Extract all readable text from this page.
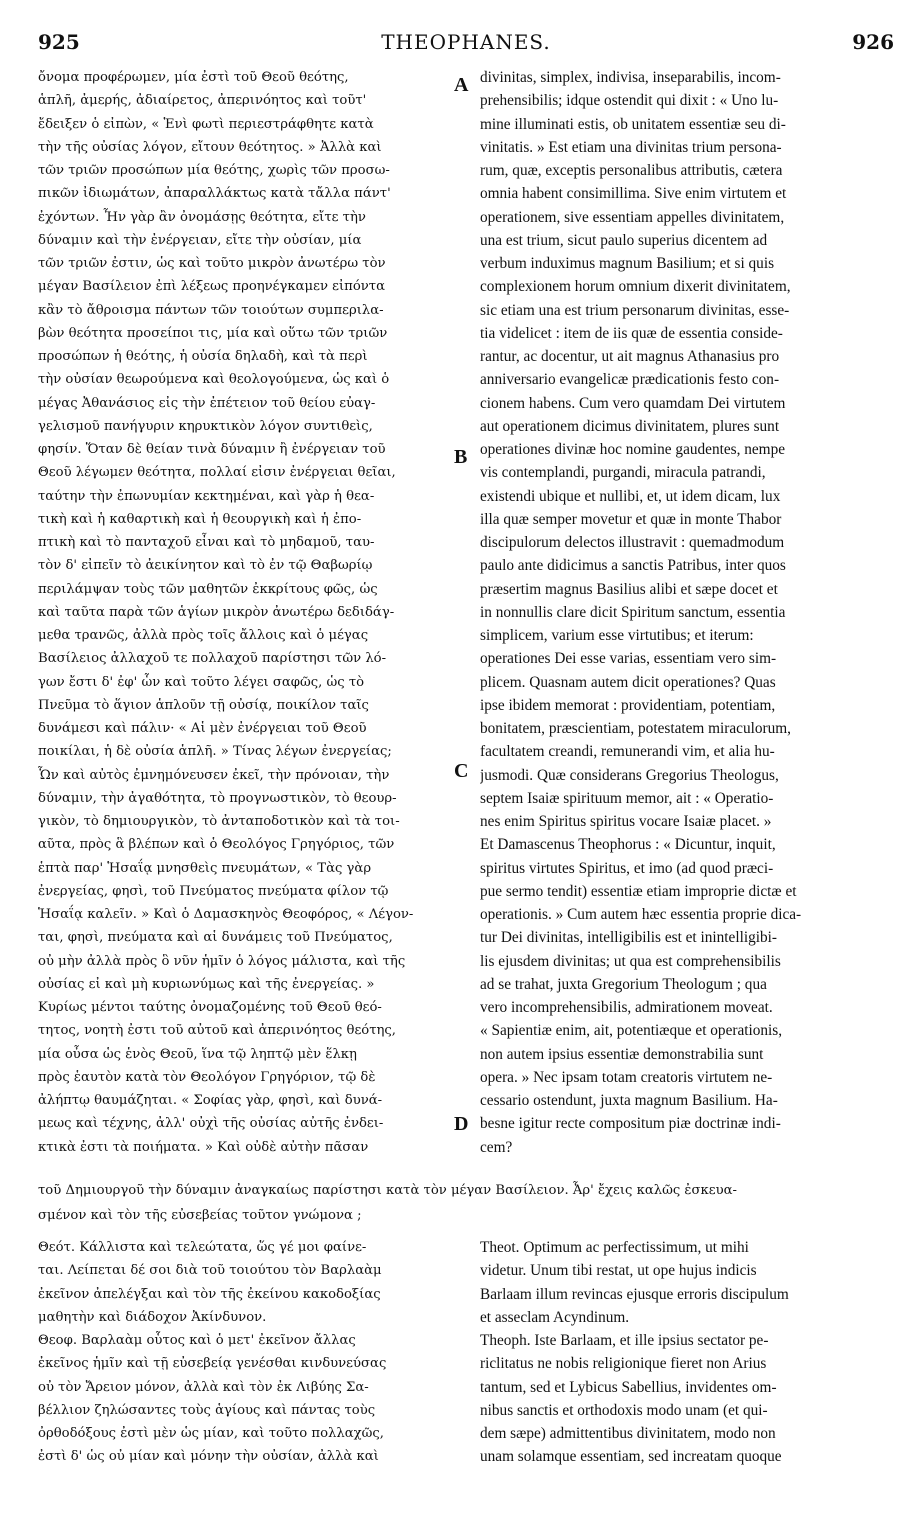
925	THEOPHANES.	926
ὄνομα προφέρωμεν, μία ἐστὶ τοῦ Θεοῦ θεότης,
ἁπλῆ, ἀμερής, ἀδιαίρετος, ἀπερινόητος καὶ τοῦτ'
ἔδειξεν ὁ εἰπὼν, « Ἑνὶ φωτὶ περιεστράφθητε κατὰ
τὴν τῆς οὐσίας λόγον, εἴτουν θεότητος. » Ἀλλὰ καὶ
τῶν τριῶν προσώπων μία θεότης, χωρὶς τῶν προσω-
πικῶν ἰδιωμάτων, ἀπαραλλάκτως κατὰ τἄλλα πάντ'
ἐχόντων. Ἦν γὰρ ἂν ὀνομάσῃς θεότητα, εἴτε τὴν
δύναμιν καὶ τὴν ἐνέργειαν, εἴτε τὴν οὐσίαν, μία
τῶν τριῶν ἐστιν, ὡς καὶ τοῦτο μικρὸν ἀνωτέρω τὸν
μέγαν Βασίλειον ἐπὶ λέξεως προηνέγκαμεν εἰπόντα
κἂν τὸ ἄθροισμα πάντων τῶν τοιούτων συμπεριλα-
βὼν θεότητα προσείποι τις, μία καὶ οὕτω τῶν τριῶν
προσώπων ἡ θεότης, ἡ οὐσία δηλαδὴ, καὶ τὰ περὶ
τὴν οὐσίαν θεωρούμενα καὶ θεολογούμενα, ὡς καὶ ὁ
μέγας Ἀθανάσιος εἰς τὴν ἐπέτειον τοῦ θείου εὐαγ-
γελισμοῦ πανήγυριν κηρυκτικὸν λόγον συντιθεὶς,
φησίν. Ὅταν δὲ θείαν τινὰ δύναμιν ἢ ἐνέργειαν τοῦ
Θεοῦ λέγωμεν θεότητα, πολλαί εἰσιν ἐνέργειαι θεῖαι,
ταύτην τὴν ἐπωνυμίαν κεκτημέναι, καὶ γὰρ ἡ θεα-
τικὴ καὶ ἡ καθαρτικὴ καὶ ἡ θεουργικὴ καὶ ἡ ἐπο-
πτικὴ καὶ τὸ πανταχοῦ εἶναι καὶ τὸ μηδαμοῦ, ταυ-
τὸν δ' εἰπεῖν τὸ ἀεικίνητον καὶ τὸ ἐν τῷ Θαβωρίῳ
περιλάμψαν τοὺς τῶν μαθητῶν ἐκκρίτους φῶς, ὡς
καὶ ταῦτα παρὰ τῶν ἁγίων μικρὸν ἀνωτέρω δεδιδάγ-
μεθα τρανῶς, ἀλλὰ πρὸς τοῖς ἄλλοις καὶ ὁ μέγας
Βασίλειος ἀλλαχοῦ τε πολλαχοῦ παρίστησι τῶν λό-
γων ἔστι δ' ἐφ' ὧν καὶ τοῦτο λέγει σαφῶς, ὡς τὸ
Πνεῦμα τὸ ἅγιον ἁπλοῦν τῇ οὐσίᾳ, ποικίλον ταῖς
δυνάμεσι καὶ πάλιν· « Αἱ μὲν ἐνέργειαι τοῦ Θεοῦ
ποικίλαι, ἡ δὲ οὐσία ἁπλῆ. » Τίνας λέγων ἐνεργείας;
Ὧν καὶ αὐτὸς ἐμνημόνευσεν ἐκεῖ, τὴν πρόνοιαν, τὴν
δύναμιν, τὴν ἀγαθότητα, τὸ προγνωστικὸν, τὸ θεουρ-
γικὸν, τὸ δημιουργικὸν, τὸ ἀνταποδοτικὸν καὶ τὰ τοι-
αῦτα, πρὸς ἃ βλέπων καὶ ὁ Θεολόγος Γρηγόριος, τῶν
ἑπτὰ παρ' Ἡσαΐᾳ μνησθεὶς πνευμάτων, « Τὰς γὰρ
ἐνεργείας, φησὶ, τοῦ Πνεύματος πνεύματα φίλον τῷ
Ἡσαΐᾳ καλεῖν. » Καὶ ὁ Δαμασκηνὸς Θεοφόρος, « Λέγον-
ται, φησὶ, πνεύματα καὶ αἱ δυνάμεις τοῦ Πνεύματος,
οὐ μὴν ἀλλὰ πρὸς ὃ νῦν ἡμῖν ὁ λόγος μάλιστα, καὶ τῆς
οὐσίας εἰ καὶ μὴ κυριωνύμως καὶ τῆς ἐνεργείας. »
Κυρίως μέντοι ταύτης ὀνομαζομένης τοῦ Θεοῦ θεό-
τητος, νοητὴ ἐστι τοῦ αὐτοῦ καὶ ἀπερινόητος θεότης,
μία οὖσα ὡς ἑνὸς Θεοῦ, ἵνα τῷ ληπτῷ μὲν ἕλκῃ
πρὸς ἑαυτὸν κατὰ τὸν Θεολόγον Γρηγόριον, τῷ δὲ
ἀλήπτῳ θαυμάζηται. « Σοφίας γὰρ, φησὶ, καὶ δυνά-
μεως καὶ τέχνης, ἀλλ' οὐχὶ τῆς οὐσίας αὐτῆς ἐνδει-
κτικὰ ἐστι τὰ ποιήματα. » Καὶ οὐδὲ αὐτὴν πᾶσαν
divinitas, simplex, indivisa, inseparabilis, incom-
prehensibilis; idque ostendit qui dixit : « Uno lu-
mine illuminati estis, ob unitatem essentiæ seu di-
vinitatis. » Est etiam una divinitas trium persona-
rum, quæ, exceptis personalibus attributis, cætera
omnia habent consimillima. Sive enim virtutem et
operationem, sive essentiam appelles divinitatem,
una est trium, sicut paulo superius dicentem ad
verbum induximus magnum Basilium; et si quis
complexionem horum omnium dixerit divinitatem,
sic etiam una est trium personarum divinitas, esse-
tia videlicet : item de iis quæ de essentia conside-
rantur, ac docentur, ut ait magnus Athanasius pro
anniversario evangelicæ prædicationis festo con-
cionem habens. Cum vero quamdam Dei virtutem
aut operationem dicimus divinitatem, plures sunt
operationes divinæ hoc nomine gaudentes, nempe
vis contemplandi, purgandi, miracula patrandi,
existendi ubique et nullibi, et, ut idem dicam, lux
illa quæ semper movetur et quæ in monte Thabor
discipulorum delectos illustravit : quemadmodum
paulo ante didicimus a sanctis Patribus, inter quos
præsertim magnus Basilius alibi et sæpe docet et
in nonnullis clare dicit Spiritum sanctum, essentia
simplicem, varium esse virtutibus; et iterum:
operationes Dei esse varias, essentiam vero sim-
plicem. Quasnam autem dicit operationes? Quas
ipse ibidem memorat : providentiam, potentiam,
bonitatem, præscientiam, potestatem miraculorum,
facultatem creandi, remunerandi vim, et alia hu-
jusmodi. Quæ considerans Gregorius Theologus,
septem Isaiæ spirituum memor, ait : « Operatio-
nes enim Spiritus spiritus vocare Isaiæ placet. »
Et Damascenus Theophorus : « Dicuntur, inquit,
spiritus virtutes Spiritus, et imo (ad quod præci-
pue sermo tendit) essentiæ etiam improprie dictæ et
operationis. » Cum autem hæc essentia proprie dica-
tur Dei divinitas, intelligibilis est et inintelligibi-
lis ejusdem divinitas; ut qua est comprehensibilis
ad se trahat, juxta Gregorium Theologum ; qua
vero incomprehensibilis, admirationem moveat.
« Sapientiæ enim, ait, potentiæque et operationis,
non autem ipsius essentiæ demonstrabilia sunt
opera. » Nec ipsam totam creatoris virtutem ne-
cessario ostendunt, juxta magnum Basilium. Ha-
besne igitur recte compositum piæ doctrinæ indi-
cem?
A
B
C
D
τοῦ Δημιουργοῦ τὴν δύναμιν ἀναγκαίως παρίστησι κατὰ τὸν μέγαν Βασίλειον. Ἆρ' ἔχεις καλῶς ἐσκευα-
σμένον καὶ τὸν τῆς εὐσεβείας τοῦτον γνώμονα ;
Θεότ. Κάλλιστα καὶ τελεώτατα, ὥς γέ μοι φαίνε-
ται. Λείπεται δέ σοι διὰ τοῦ τοιούτου τὸν Βαρλαὰμ
ἐκεῖνον ἀπελέγξαι καὶ τὸν τῆς ἐκείνου κακοδοξίας
μαθητὴν καὶ διάδοχον Ἀκίνδυνον.
Θεοφ. Βαρλαὰμ οὗτος καὶ ὁ μετ' ἐκεῖνον ἄλλας
ἐκεῖνος ἡμῖν καὶ τῇ εὐσεβείᾳ γενέσθαι κινδυνεύσας
οὐ τὸν Ἄρειον μόνον, ἀλλὰ καὶ τὸν ἐκ Λιβύης Σα-
βέλλιον ζηλώσαντες τοὺς ἁγίους καὶ πάντας τοὺς
ὀρθοδόξους ἐστὶ μὲν ὡς μίαν, καὶ τοῦτο πολλαχῶς,
ἐστὶ δ' ὡς οὐ μίαν καὶ μόνην τὴν οὐσίαν, ἀλλὰ καὶ
Theot. Optimum ac perfectissimum, ut mihi
videtur. Unum tibi restat, ut ope hujus indicis
Barlaam illum revincas ejusque erroris discipulum
et asseclam Acyndinum.
Theoph. Iste Barlaam, et ille ipsius sectator pe-
riclitatus ne nobis religionique fieret non Arius
tantum, sed et Lybicus Sabellius, invidentes om-
nibus sanctis et orthodoxis modo unam (et qui-
dem sæpe) admittentibus divinitatem, modo non
unam solamque essentiam, sed increatam quoque
